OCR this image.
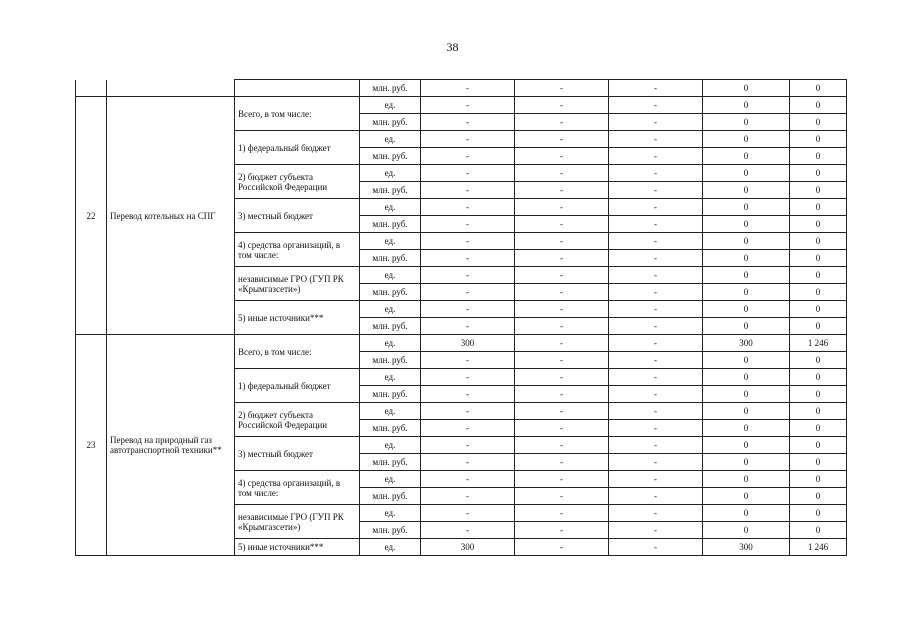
38
			млн. руб.	-	-	-	0	0
22	Перевод котельных на СПГ	Всего, в том числе:	ед.	-	-	-	0	0
			млн. руб.	-	-	-	0	0
		1) федеральный бюджет	ед.	-	-	-	0	0
			млн. руб.	-	-	-	0	0
		2) бюджет субъекта Российской Федерации	ед.	-	-	-	0	0
			млн. руб.	-	-	-	0	0
		3) местный бюджет	ед.	-	-	-	0	0
			млн. руб.	-	-	-	0	0
		4) средства организаций, в том числе:	ед.	-	-	-	0	0
			млн. руб.	-	-	-	0	0
		независимые ГРО (ГУП РК «Крымгазсети»)	ед.	-	-	-	0	0
			млн. руб.	-	-	-	0	0
		5) иные источники***	ед.	-	-	-	0	0
			млн. руб.	-	-	-	0	0
23	Перевод на природный газ автотранспортной техники**	Всего, в том числе:	ед.	300	-	-	300	1 246
			млн. руб.	-	-	-	0	0
		1) федеральный бюджет	ед.	-	-	-	0	0
			млн. руб.	-	-	-	0	0
		2) бюджет субъекта Российской Федерации	ед.	-	-	-	0	0
			млн. руб.	-	-	-	0	0
		3) местный бюджет	ед.	-	-	-	0	0
			млн. руб.	-	-	-	0	0
		4) средства организаций, в том числе:	ед.	-	-	-	0	0
			млн. руб.	-	-	-	0	0
		независимые ГРО (ГУП РК «Крымгазсети»)	ед.	-	-	-	0	0
			млн. руб.	-	-	-	0	0
		5) иные источники***	ед.	300	-	-	300	1 246
